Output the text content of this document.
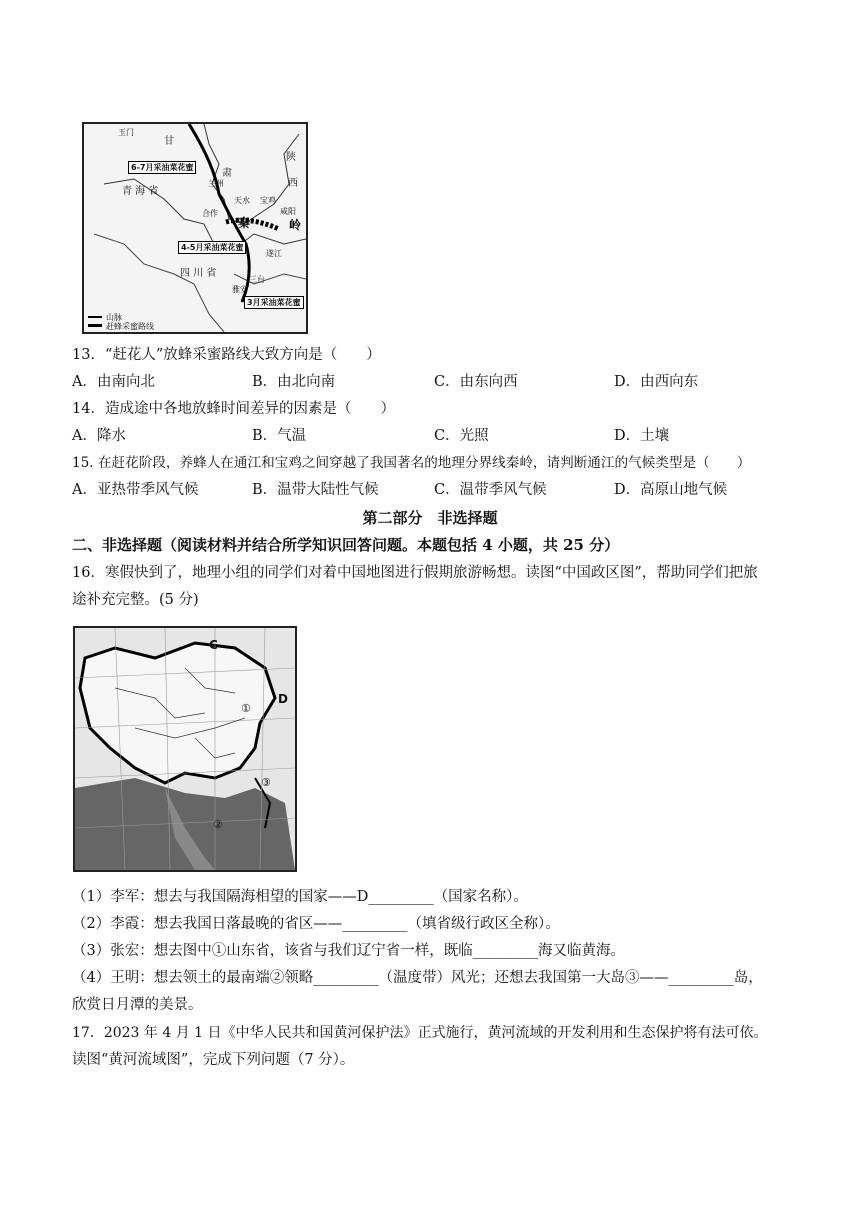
玉门
甘
6-7月采油菜花蜜
肃
兰州
青 海 省
陕
西
天水 宝鸡
合作	咸阳
秦	岭
4-5月采油菜花蜜
遂江
四 川 省
三台
雅安
3月采油菜花蜜
山脉
赶蜂采蜜路线
13．“赶花人”放蜂采蜜路线大致方向是（　　）
A．由南向北	B．由北向南	C．由东向西	D．由西向东
14．造成途中各地放蜂时间差异的因素是（　　）
A．降水	B．气温	C．光照	D．土壤
15. 在赶花阶段，养蜂人在通江和宝鸡之间穿越了我国著名的地理分界线秦岭，请判断通江的气候类型是（　　）
A．亚热带季风气候	B．温带大陆性气候	C．温带季风气候	D．高原山地气候
第二部分　非选择题
二、非选择题（阅读材料并结合所学知识回答问题。本题包括 4 小题，共 25 分）
16．寒假快到了，地理小组的同学们对着中国地图进行假期旅游畅想。读图“中国政区图”，帮助同学们把旅
途补充完整。(5 分)
C
D
①
②
③
（1）李军：想去与我国隔海相望的国家——D_________（国家名称）。
（2）李霞：想去我国日落最晚的省区——_________（填省级行政区全称）。
（3）张宏：想去图中①山东省，该省与我们辽宁省一样，既临_________海又临黄海。
（4）王明：想去领土的最南端②领略_________（温度带）风光；还想去我国第一大岛③——_________岛，
欣赏日月潭的美景。
17．2023 年 4 月 1 日《中华人民共和国黄河保护法》正式施行，黄河流域的开发利用和生态保护将有法可依。
读图“黄河流域图”，完成下列问题（7 分）。
